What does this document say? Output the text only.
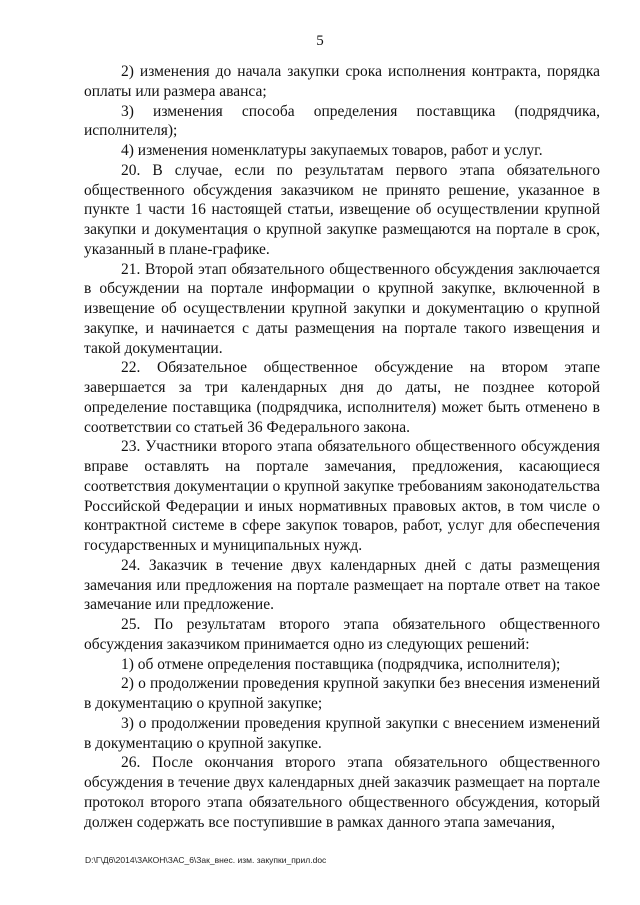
5

2) изменения до начала закупки срока исполнения контракта, порядка оплаты или размера аванса;

3) изменения способа определения поставщика (подрядчика, исполнителя);

4) изменения номенклатуры закупаемых товаров, работ и услуг.

20. В случае, если по результатам первого этапа обязательного общественного обсуждения заказчиком не принято решение, указанное в пункте 1 части 16 настоящей статьи, извещение об осуществлении крупной закупки и документация о крупной закупке размещаются на портале в срок, указанный в плане-графике.

21. Второй этап обязательного общественного обсуждения заключается в обсуждении на портале информации о крупной закупке, включенной в извещение об осуществлении крупной закупки и документацию о крупной закупке, и начинается с даты размещения на портале такого извещения и такой документации.

22. Обязательное общественное обсуждение на втором этапе завершается за три календарных дня до даты, не позднее которой определение поставщика (подрядчика, исполнителя) может быть отменено в соответствии со статьей 36 Федерального закона.

23. Участники второго этапа обязательного общественного обсуждения вправе оставлять на портале замечания, предложения, касающиеся соответствия документации о крупной закупке требованиям законодательства Российской Федерации и иных нормативных правовых актов, в том числе о контрактной системе в сфере закупок товаров, работ, услуг для обеспечения государственных и муниципальных нужд.

24. Заказчик в течение двух календарных дней с даты размещения замечания или предложения на портале размещает на портале ответ на такое замечание или предложение.

25. По результатам второго этапа обязательного общественного обсуждения заказчиком принимается одно из следующих решений:

1) об отмене определения поставщика (подрядчика, исполнителя);

2) о продолжении проведения крупной закупки без внесения изменений в документацию о крупной закупке;

3) о продолжении проведения крупной закупки с внесением изменений в документацию о крупной закупке.

26. После окончания второго этапа обязательного общественного обсуждения в течение двух календарных дней заказчик размещает на портале протокол второго этапа обязательного общественного обсуждения, который должен содержать все поступившие в рамках данного этапа замечания,

D:\Г\Д6\2014\ЗАКОН\ЗАС_6\Зак_внес. изм. закупки_прил.doc
